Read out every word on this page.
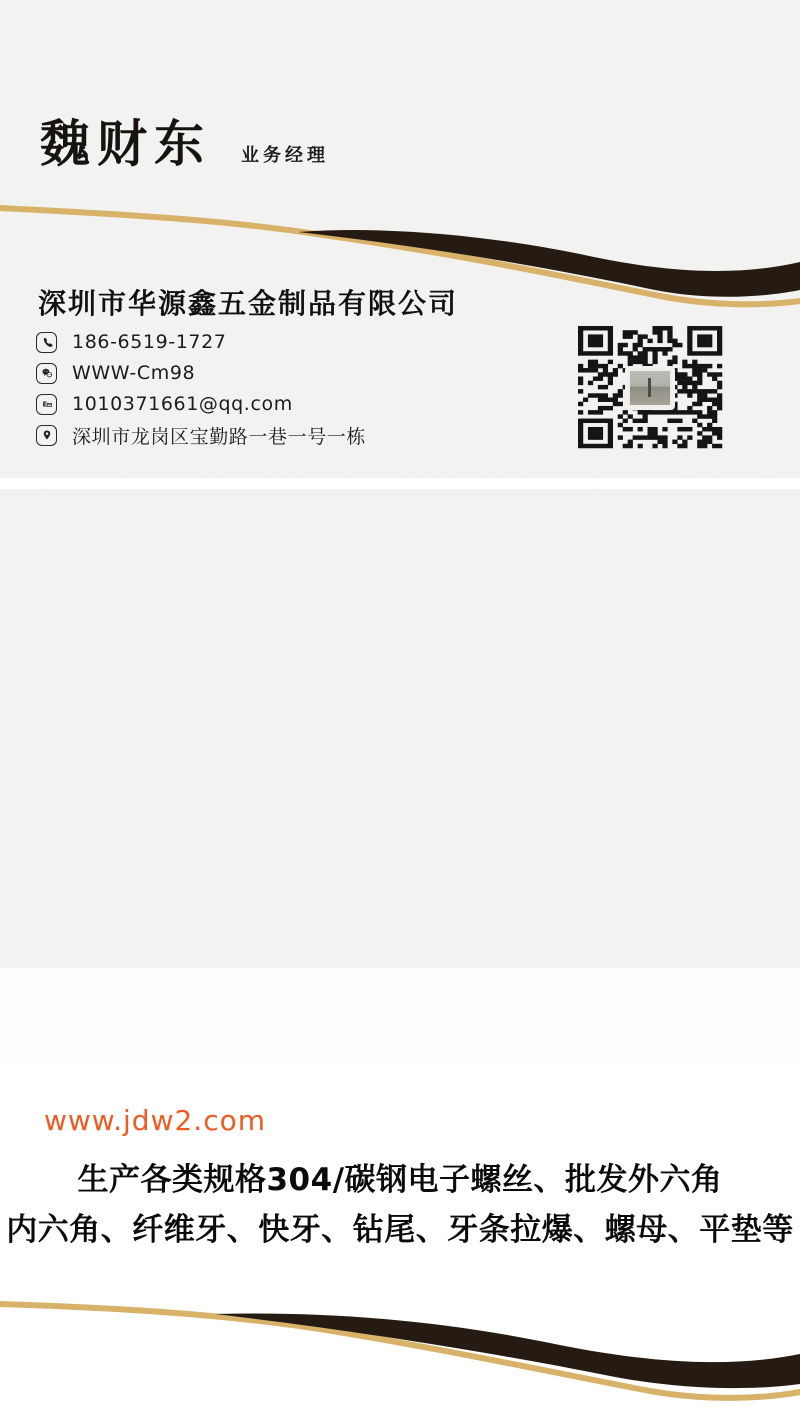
魏财东 业务经理
深圳市华源鑫五金制品有限公司
186-6519-1727
WWW-Cm98
E 1010371661@qq.com
深圳市龙岗区宝勤路一巷一号一栋
www.jdw2.com
生产各类规格304/碳钢电子螺丝、批发外六角
内六角、纤维牙、快牙、钻尾、牙条拉爆、螺母、平垫等
